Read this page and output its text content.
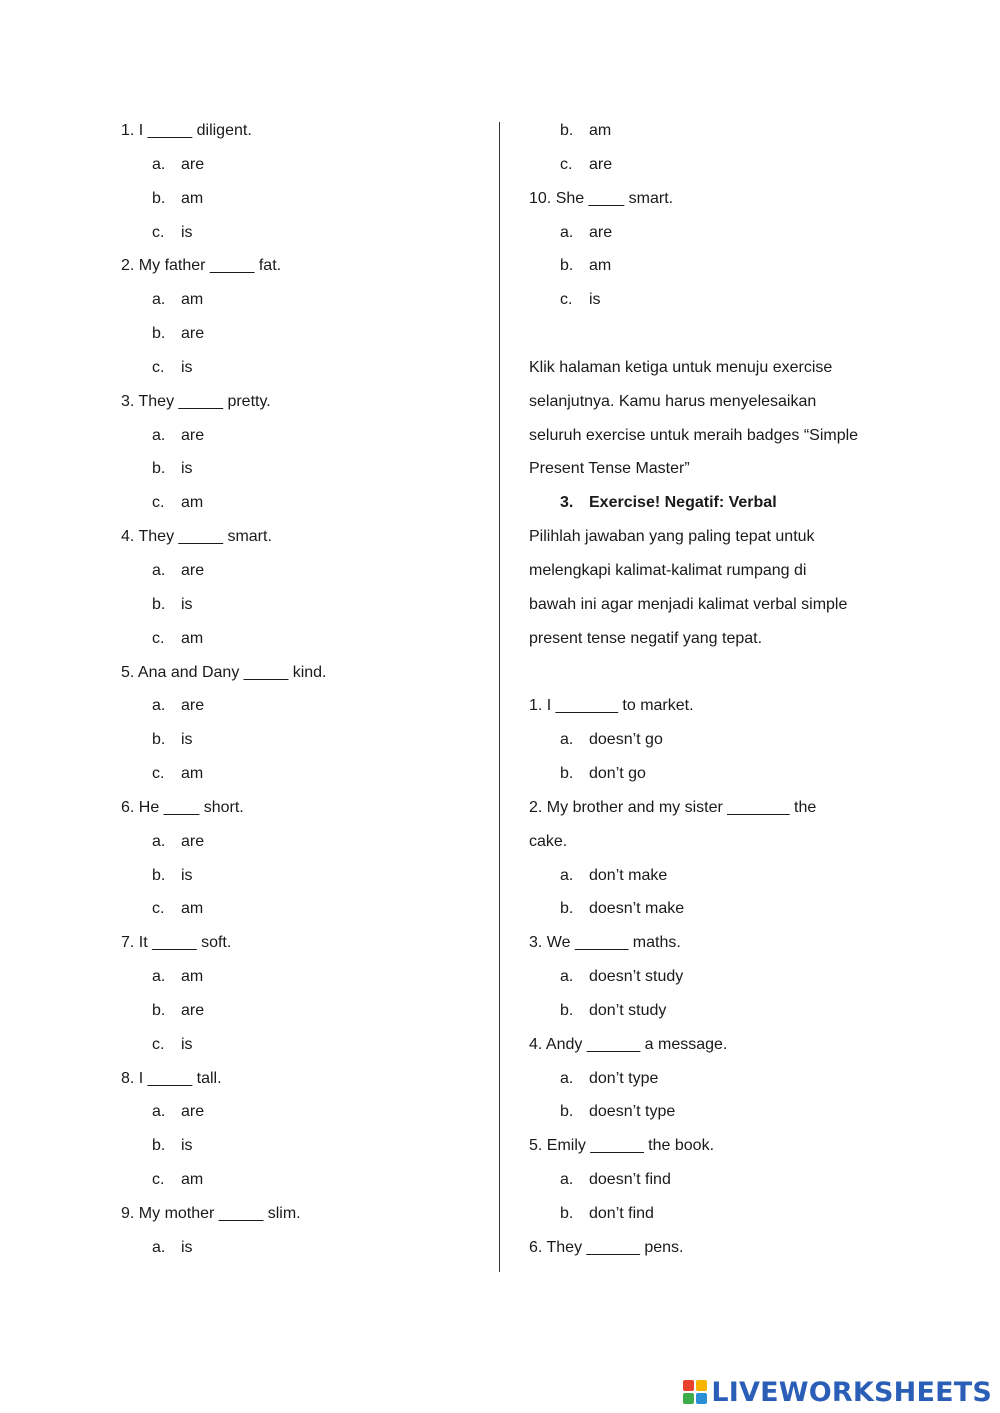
1. I _____ diligent.
a. are
b. am
c. is
2. My father _____ fat.
a. am
b. are
c. is
3. They _____ pretty.
a. are
b. is
c. am
4. They _____ smart.
a. are
b. is
c. am
5. Ana and Dany _____ kind.
a. are
b. is
c. am
6. He ____ short.
a. are
b. is
c. am
7. It _____ soft.
a. am
b. are
c. is
8. I _____ tall.
a. are
b. is
c. am
9. My mother _____ slim.
a. is
b. am
c. are
10. She ____ smart.
a. are
b. am
c. is
Klik halaman ketiga untuk menuju exercise
selanjutnya. Kamu harus menyelesaikan
seluruh exercise untuk meraih badges “Simple
Present Tense Master”
3. Exercise! Negatif: Verbal
Pilihlah jawaban yang paling tepat untuk
melengkapi kalimat-kalimat rumpang di
bawah ini agar menjadi kalimat verbal simple
present tense negatif yang tepat.
1. I _______ to market.
a. doesn’t go
b. don’t go
2. My brother and my sister _______ the
cake.
a. don’t make
b. doesn’t make
3. We ______ maths.
a. doesn’t study
b. don’t study
4. Andy ______ a message.
a. don’t type
b. doesn’t type
5. Emily ______ the book.
a. doesn’t find
b. don’t find
6. They ______ pens.
LIVEWORKSHEETS
